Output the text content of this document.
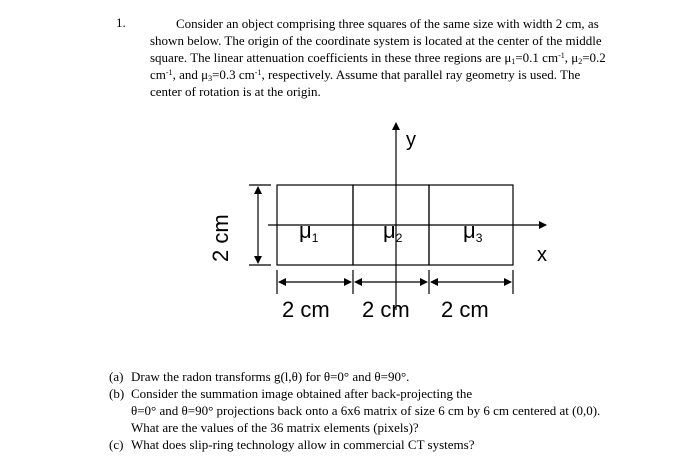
1.	Consider an object comprising three squares of the same size with width 2 cm, as
shown below. The origin of the coordinate system is located at the center of the middle
square. The linear attenuation coefficients in these three regions are $\mu_1=0.1$ $cm^{-1}$, $\mu_2=0.2$
$cm^{-1}$, and $\mu_3=0.3$ $cm^{-1}$, respectively. Assume that parallel ray geometry is used. The
center of rotation is at the origin.
y
x
μ1	μ2	μ3
2 cm
2 cm 2 cm 2 cm
(a) Draw the radon transforms g(l,θ) for θ=0° and θ=90°.
(b) Consider the summation image obtained after back-projecting the
θ=0° and θ=90° projections back onto a 6x6 matrix of size 6 cm by 6 cm centered at (0,0).
What are the values of the 36 matrix elements (pixels)?
(c) What does slip-ring technology allow in commercial CT systems?
